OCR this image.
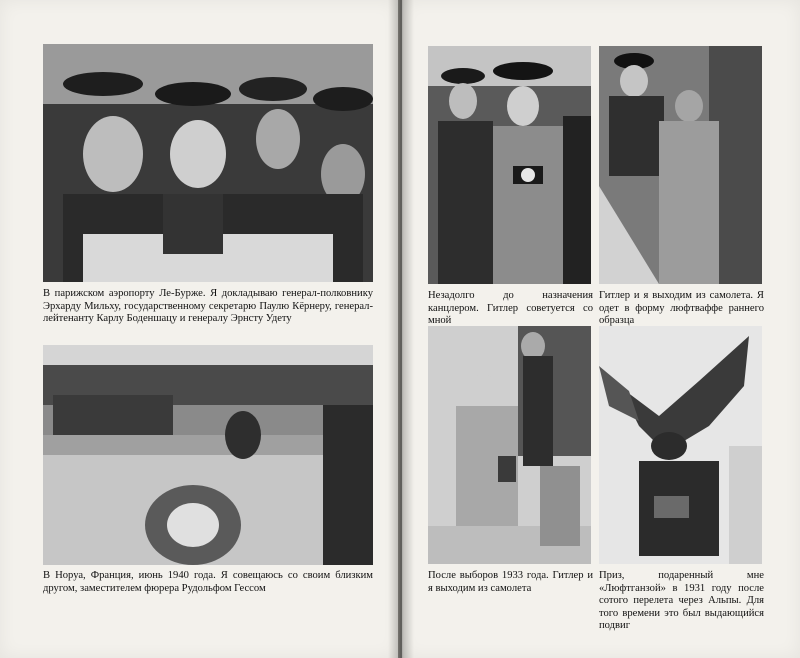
В парижском аэропорту Ле-Бурже. Я докладываю генерал-полковнику Эрхарду Мильху, государственному секретарю Паулю Кёрнеру, генерал-лейтенанту Карлу Боденшацу и генералу Эрнсту Удету

В Норуа, Франция, июнь 1940 года. Я совещаюсь со своим близким другом, заместителем фюрера Рудольфом Гессом

Незадолго до назначения канцлером. Гитлер советуется со мной

Гитлер и я выходим из самолета. Я одет в форму люфтваффе раннего образца

После выборов 1933 года. Гитлер и я выходим из самолета

Приз, подаренный мне «Люфтганзой» в 1931 году после сотого перелета через Альпы. Для того времени это был выдающийся подвиг
